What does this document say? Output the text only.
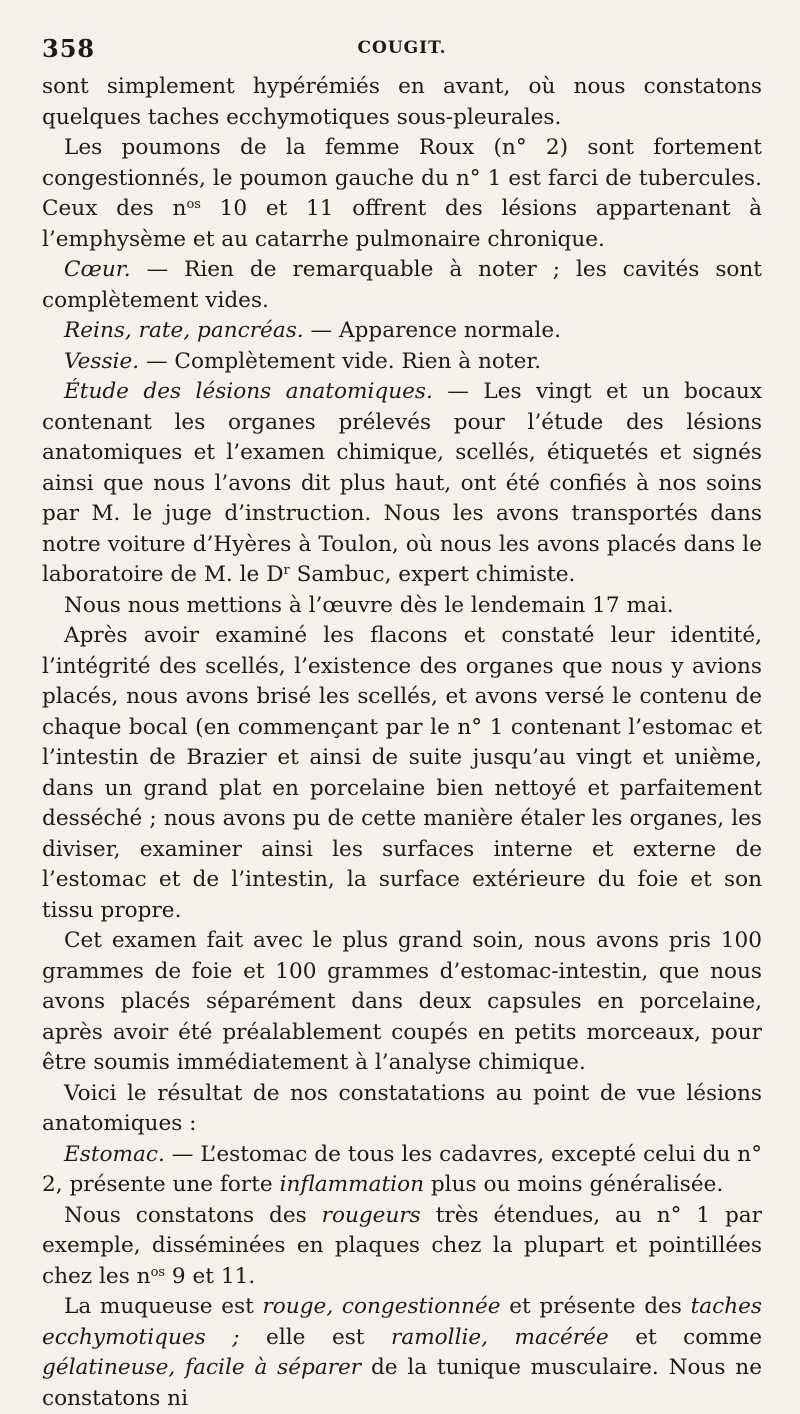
358	COUGIT.

sont simplement hypérémiés en avant, où nous constatons quelques taches ecchymotiques sous-pleurales.

Les poumons de la femme Roux (n° 2) sont fortement congestionnés, le poumon gauche du n° 1 est farci de tubercules. Ceux des $n^{os}$ 10 et 11 offrent des lésions appartenant à l’emphysème et au catarrhe pulmonaire chronique.

Cœur. — Rien de remarquable à noter ; les cavités sont complètement vides.

Reins, rate, pancréas. — Apparence normale.

Vessie. — Complètement vide. Rien à noter.

Étude des lésions anatomiques. — Les vingt et un bocaux contenant les organes prélevés pour l’étude des lésions anatomiques et l’examen chimique, scellés, étiquetés et signés ainsi que nous l’avons dit plus haut, ont été confiés à nos soins par M. le juge d’instruction. Nous les avons transportés dans notre voiture d’Hyères à Toulon, où nous les avons placés dans le laboratoire de M. le $D^r$ Sambuc, expert chimiste.

Nous nous mettions à l’œuvre dès le lendemain 17 mai.

Après avoir examiné les flacons et constaté leur identité, l’intégrité des scellés, l’existence des organes que nous y avions placés, nous avons brisé les scellés, et avons versé le contenu de chaque bocal (en commençant par le n° 1 contenant l’estomac et l’intestin de Brazier et ainsi de suite jusqu’au vingt et unième, dans un grand plat en porcelaine bien nettoyé et parfaitement desséché ; nous avons pu de cette manière étaler les organes, les diviser, examiner ainsi les surfaces interne et externe de l’estomac et de l’intestin, la surface extérieure du foie et son tissu propre.

Cet examen fait avec le plus grand soin, nous avons pris 100 grammes de foie et 100 grammes d’estomac-intestin, que nous avons placés séparément dans deux capsules en porcelaine, après avoir été préalablement coupés en petits morceaux, pour être soumis immédiatement à l’analyse chimique.

Voici le résultat de nos constatations au point de vue lésions anatomiques :

Estomac. — L’estomac de tous les cadavres, excepté celui du n° 2, présente une forte inflammation plus ou moins généralisée.

Nous constatons des rougeurs très étendues, au n° 1 par exemple, disséminées en plaques chez la plupart et pointillées chez les $n^{os}$ 9 et 11.

La muqueuse est rouge, congestionnée et présente des taches ecchymotiques ; elle est ramollie, macérée et comme gélatineuse, facile à séparer de la tunique musculaire. Nous ne constatons ni
